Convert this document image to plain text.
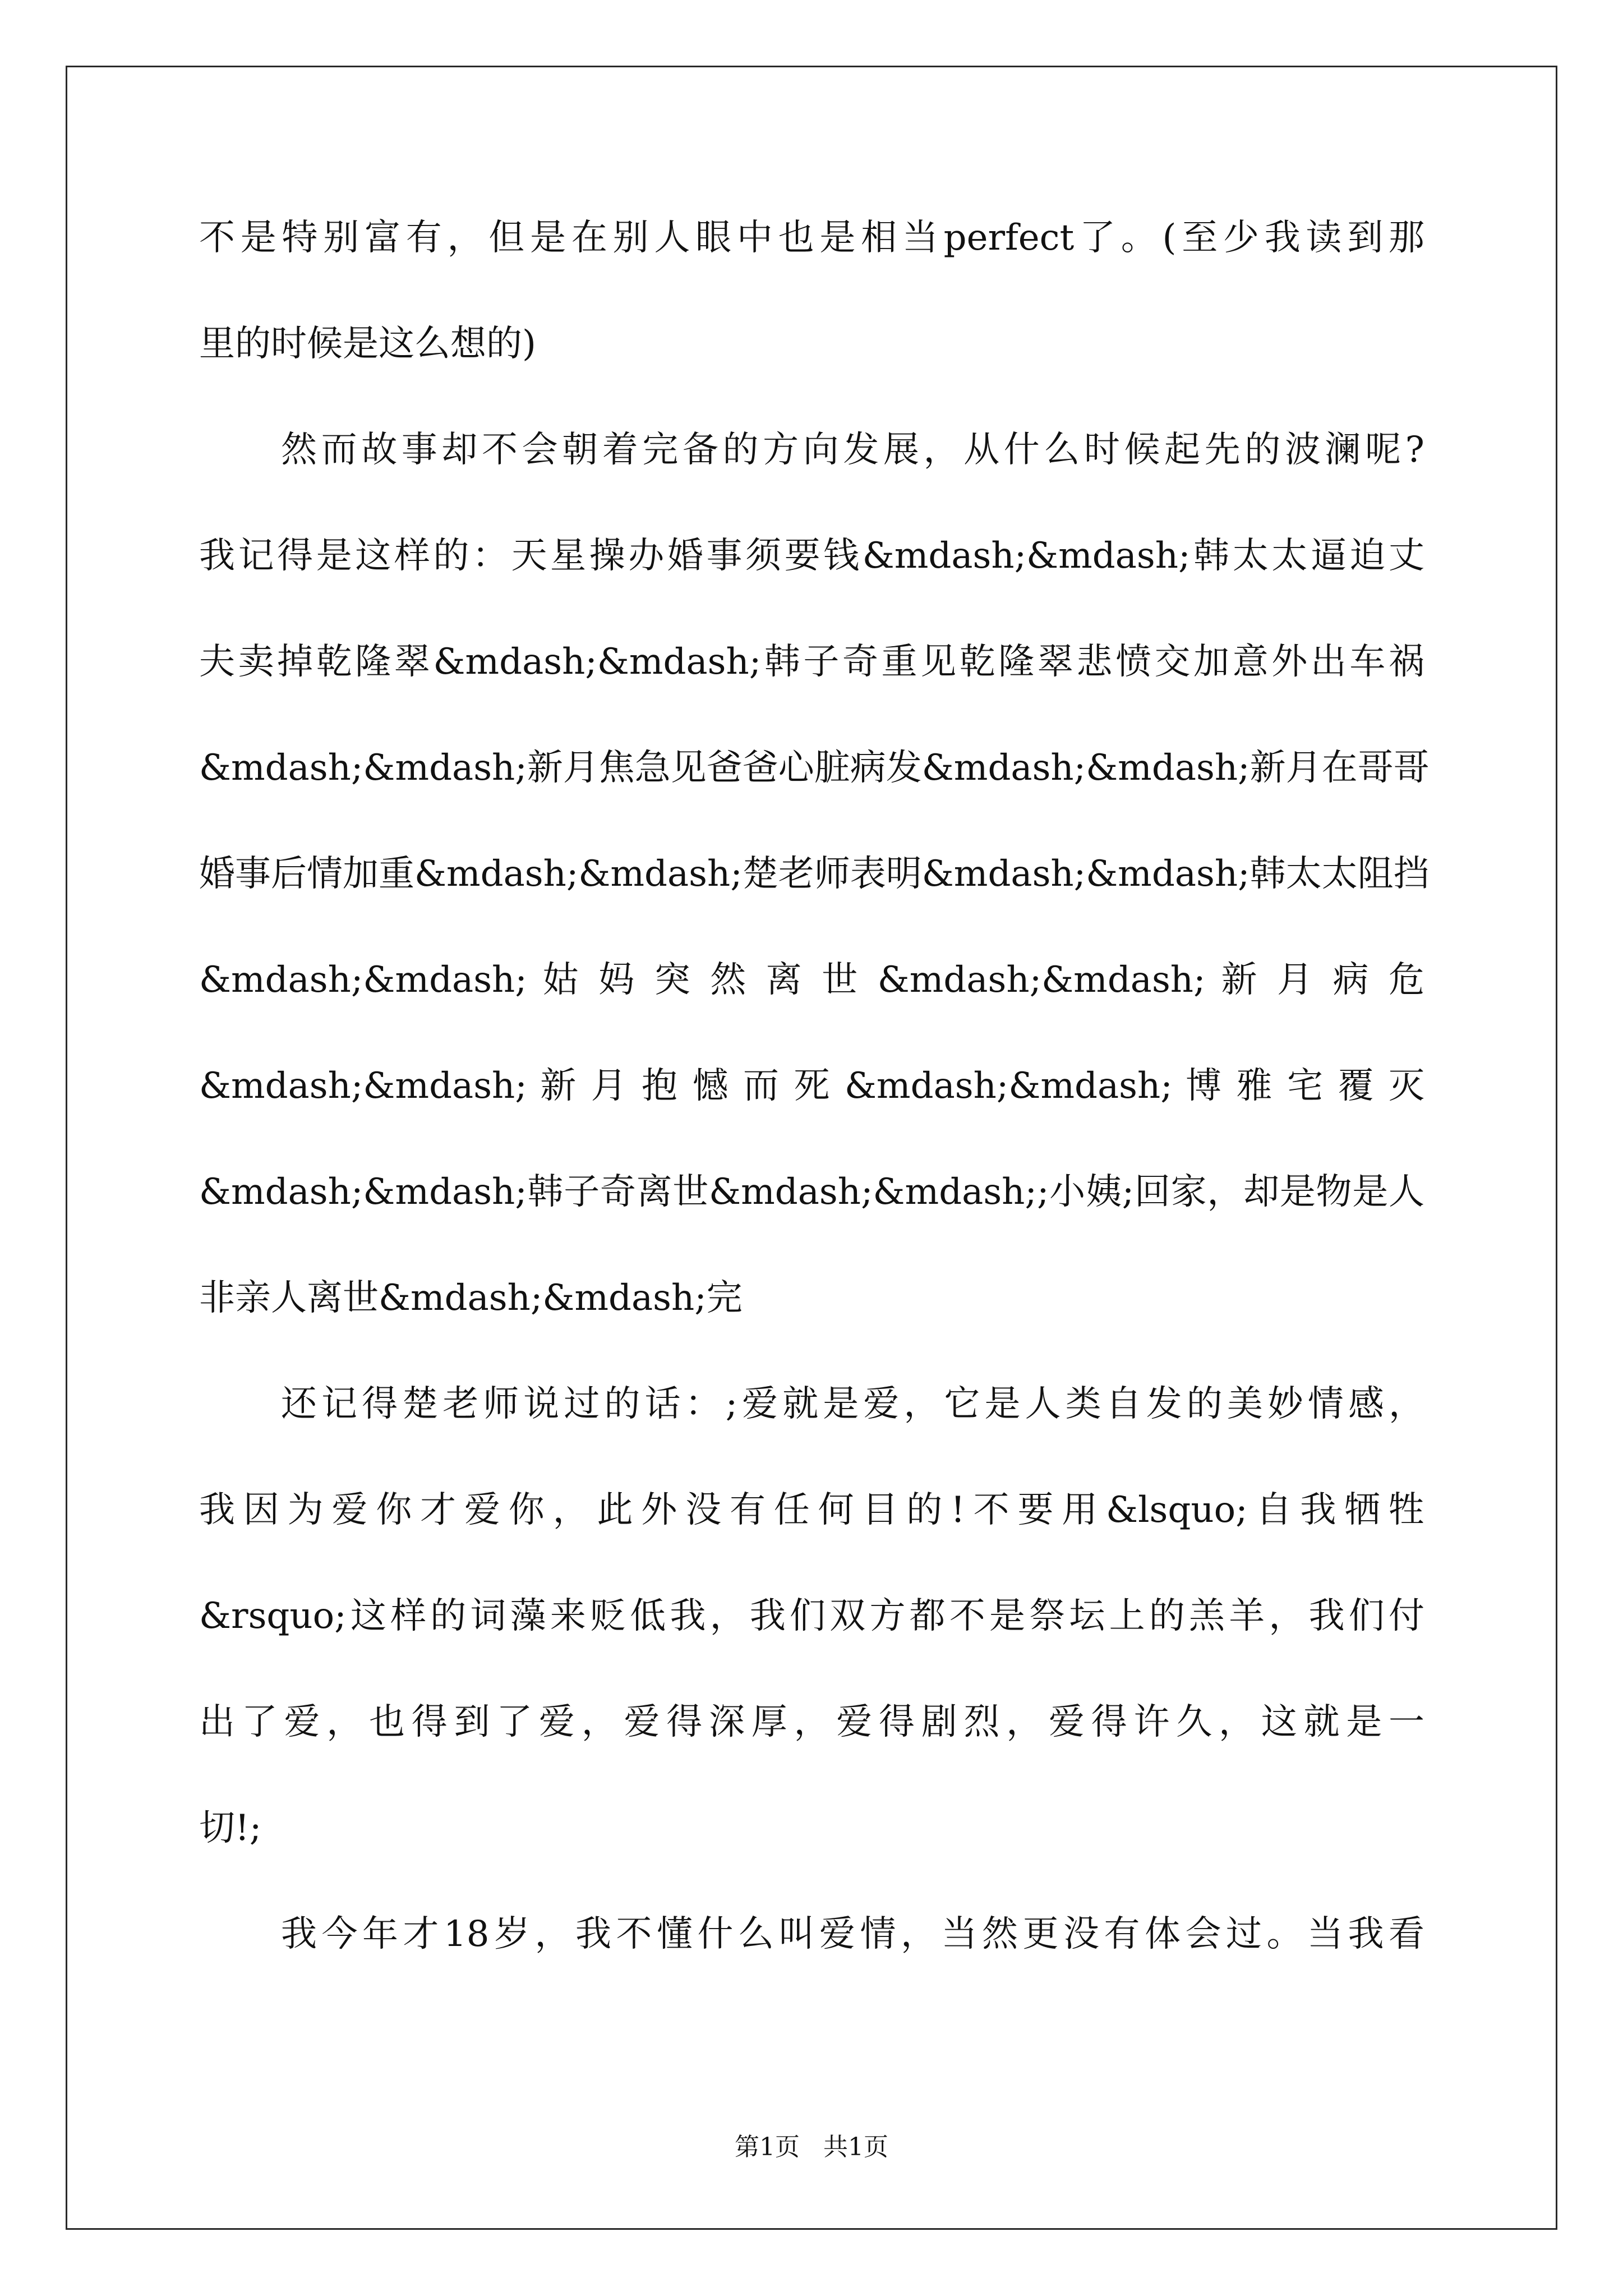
不是特别富有，但是在别人眼中也是相当perfect了。(至少我读到那
里的时候是这么想的)
然而故事却不会朝着完备的方向发展，从什么时候起先的波澜呢?
我记得是这样的：天星操办婚事须要钱&mdash;&mdash;韩太太逼迫丈
夫卖掉乾隆翠&mdash;&mdash;韩子奇重见乾隆翠悲愤交加意外出车祸
&mdash;&mdash;新月焦急见爸爸心脏病发&mdash;&mdash;新月在哥哥
婚事后情加重&mdash;&mdash;楚老师表明&mdash;&mdash;韩太太阻挡
&mdash;&mdash; 姑 妈 突 然 离 世 &mdash;&mdash; 新 月 病 危
&mdash;&mdash; 新 月 抱 憾 而 死 &mdash;&mdash; 博 雅 宅 覆 灭
&mdash;&mdash;韩子奇离世&mdash;&mdash;;小姨;回家，却是物是人
非亲人离世&mdash;&mdash;完
还记得楚老师说过的话：;爱就是爱，它是人类自发的美妙情感，
我因为爱你才爱你，此外没有任何目的!不要用&lsquo;自我牺牲
&rsquo;这样的词藻来贬低我，我们双方都不是祭坛上的羔羊，我们付
出了爱，也得到了爱，爱得深厚，爱得剧烈，爱得许久，这就是一
切!;
我今年才18岁，我不懂什么叫爱情，当然更没有体会过。当我看
第1页   共1页
